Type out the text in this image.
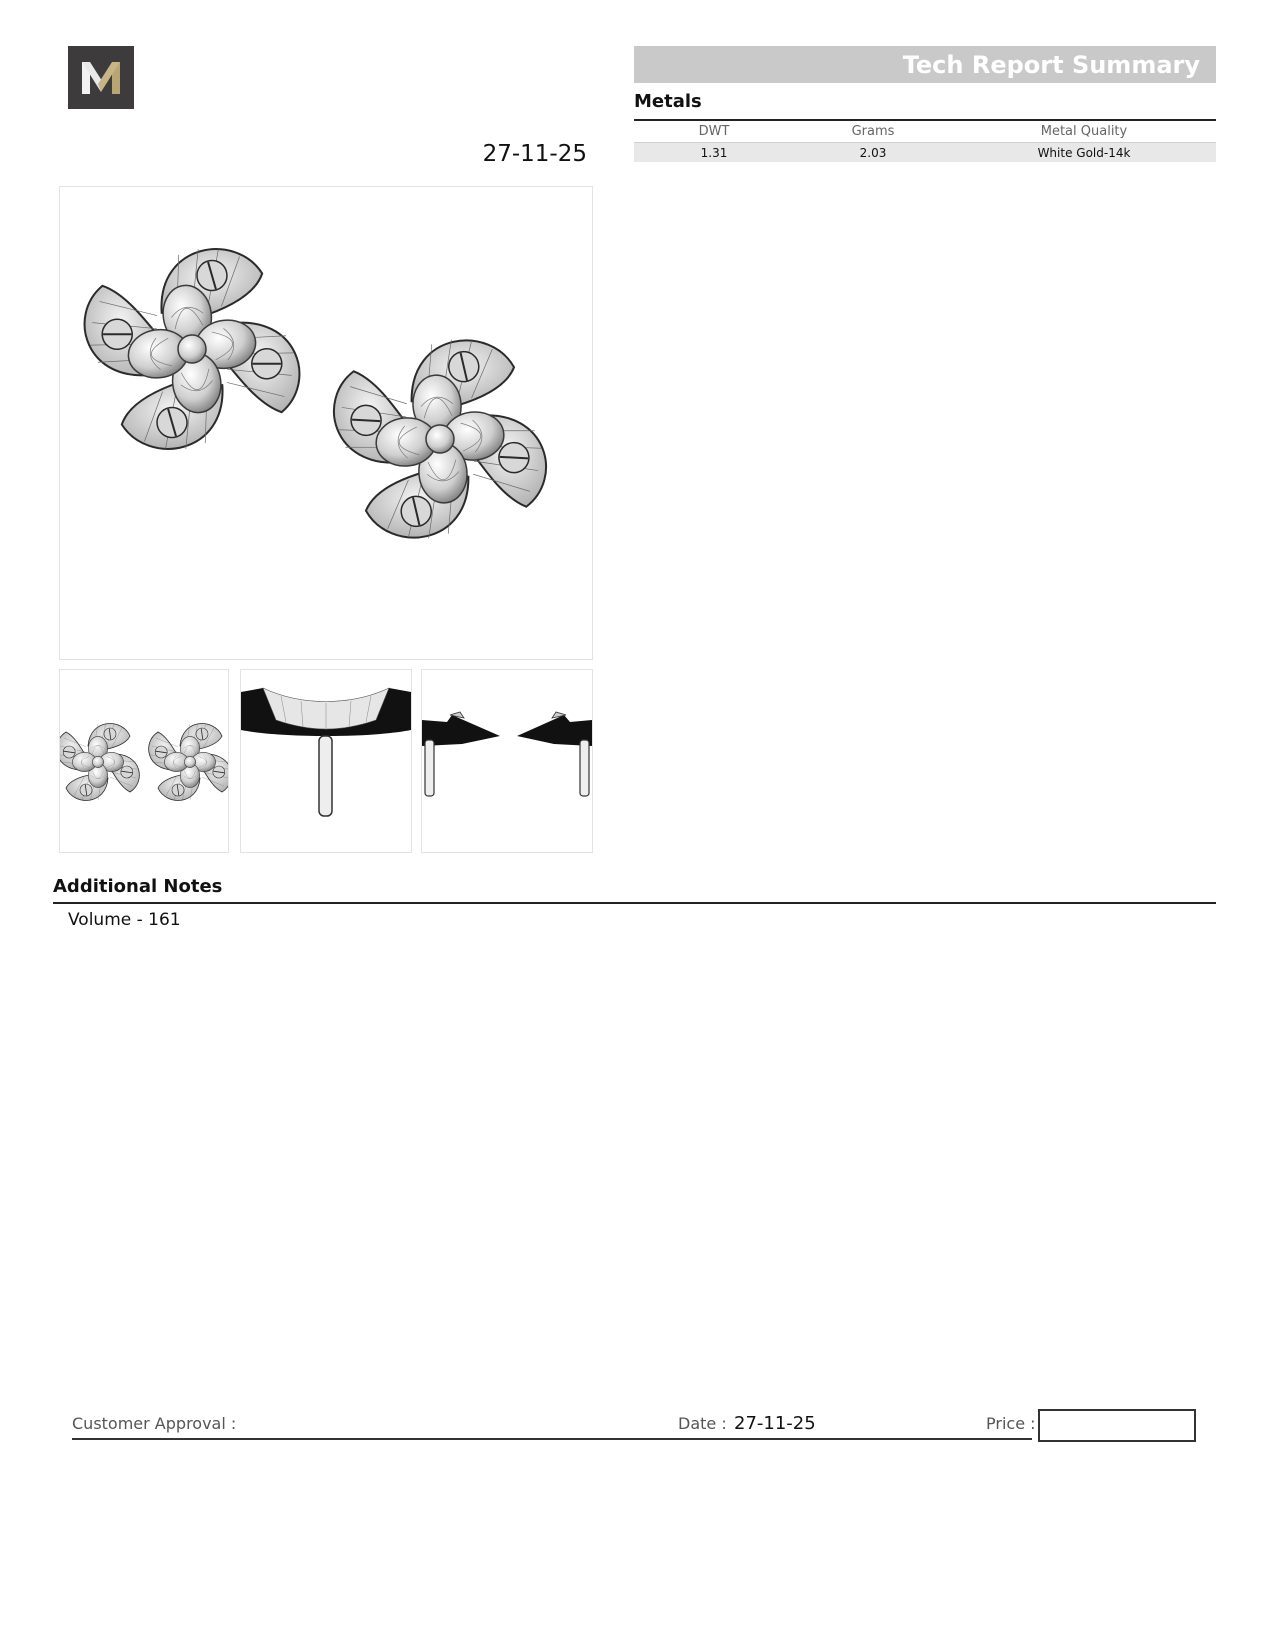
Tech Report Summary
Metals
DWT	Grams	Metal Quality
1.31	2.03	White Gold-14k
27-11-25
Additional Notes
Volume - 161
Customer Approval :	Date : 27-11-25	Price :
